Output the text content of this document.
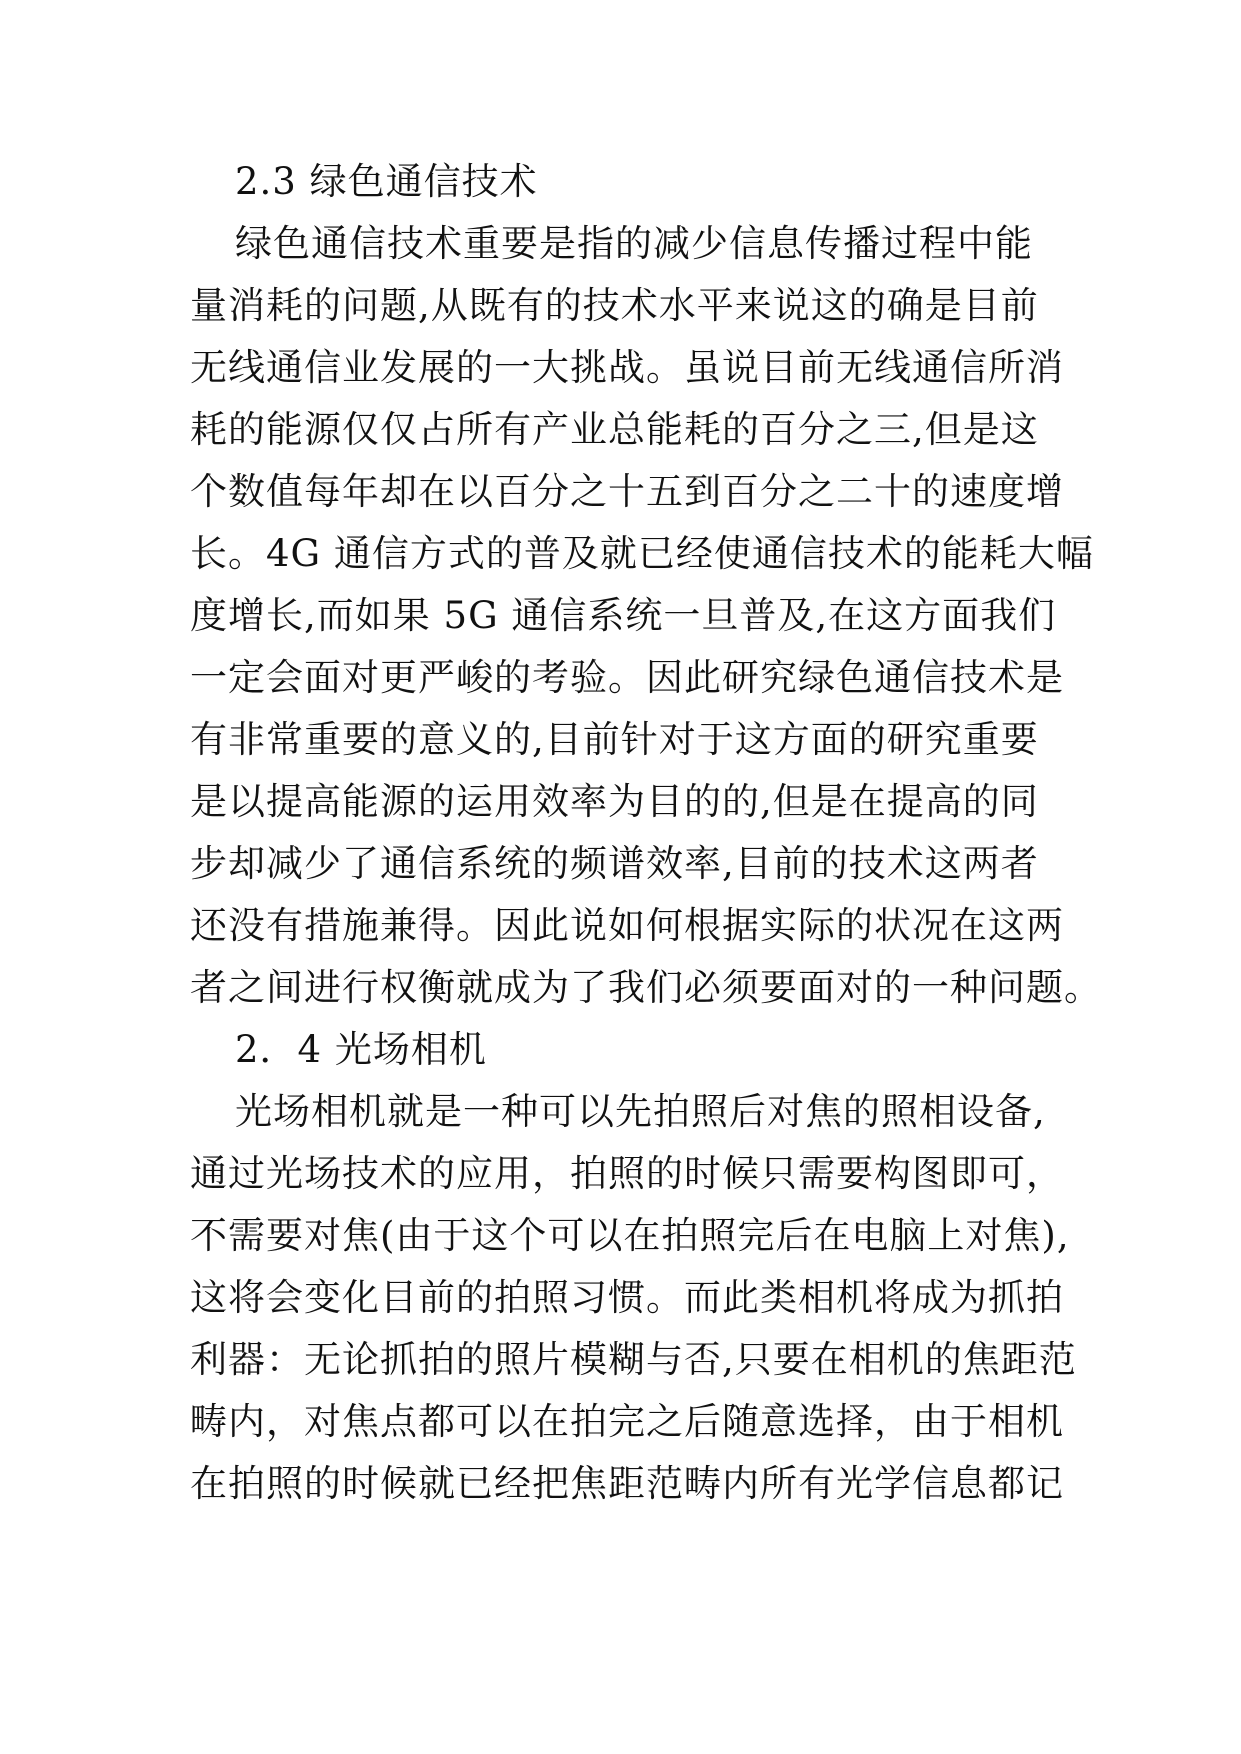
2.3 绿色通信技术
绿色通信技术重要是指的减少信息传播过程中能
量消耗的问题,从既有的技术水平来说这的确是目前
无线通信业发展的一大挑战。虽说目前无线通信所消
耗的能源仅仅占所有产业总能耗的百分之三,但是这
个数值每年却在以百分之十五到百分之二十的速度增
长。4G 通信方式的普及就已经使通信技术的能耗大幅
度增长,而如果 5G 通信系统一旦普及,在这方面我们
一定会面对更严峻的考验。因此研究绿色通信技术是
有非常重要的意义的,目前针对于这方面的研究重要
是以提高能源的运用效率为目的的,但是在提高的同
步却减少了通信系统的频谱效率,目前的技术这两者
还没有措施兼得。因此说如何根据实际的状况在这两
者之间进行权衡就成为了我们必须要面对的一种问题。
2．4 光场相机
光场相机就是一种可以先拍照后对焦的照相设备,
通过光场技术的应用，拍照的时候只需要构图即可，
不需要对焦(由于这个可以在拍照完后在电脑上对焦),
这将会变化目前的拍照习惯。而此类相机将成为抓拍
利器：无论抓拍的照片模糊与否,只要在相机的焦距范
畴内，对焦点都可以在拍完之后随意选择，由于相机
在拍照的时候就已经把焦距范畴内所有光学信息都记
